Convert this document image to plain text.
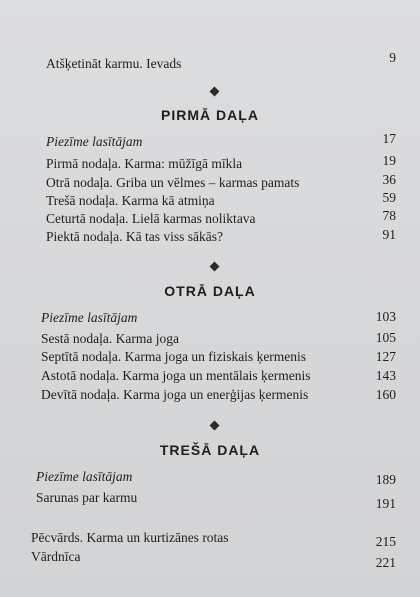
Atšķetināt karmu. Ievads	9
PIRMĀ DAĻA
Piezīme lasītājam	17
Pirmā nodaļa. Karma: mūžīgā mīkla	19
Otrā nodaļa. Griba un vēlmes – karmas pamats	36
Trešā nodaļa. Karma kā atmiņa	59
Ceturtā nodaļa. Lielā karmas noliktava	78
Piektā nodaļa. Kā tas viss sākās?	91
OTRĀ DAĻA
Piezīme lasītājam	103
Sestā nodaļa. Karma joga	105
Septītā nodaļa. Karma joga un fiziskais ķermenis	127
Astotā nodaļa. Karma joga un mentālais ķermenis	143
Devītā nodaļa. Karma joga un enerģijas ķermenis	160
TREŠĀ DAĻA
Piezīme lasītājam	189
Sarunas par karmu	191
Pēcvārds. Karma un kurtizānes rotas	215
Vārdnīca	221
